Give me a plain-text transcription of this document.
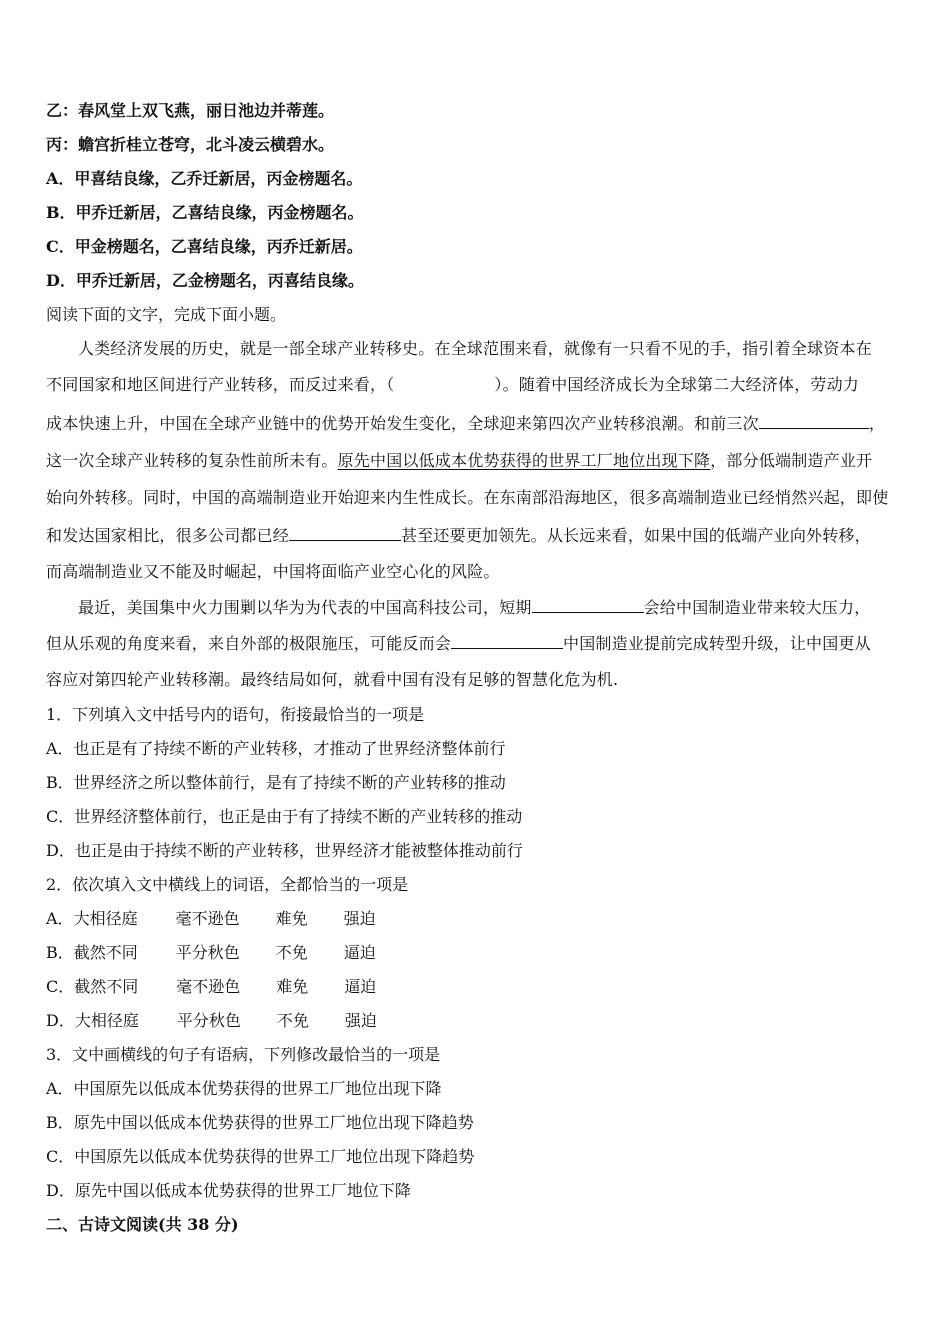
乙：春风堂上双飞燕，丽日池边并蒂莲。
丙：蟾宫折桂立苍穹，北斗凌云横碧水。
A．甲喜结良缘，乙乔迁新居，丙金榜题名。
B．甲乔迁新居，乙喜结良缘，丙金榜题名。
C．甲金榜题名，乙喜结良缘，丙乔迁新居。
D．甲乔迁新居，乙金榜题名，丙喜结良缘。
阅读下面的文字，完成下面小题。
人类经济发展的历史，就是一部全球产业转移史。在全球范围来看，就像有一只看不见的手，指引着全球资本在
不同国家和地区间进行产业转移，而反过来看，（	）。随着中国经济成长为全球第二大经济体，劳动力
成本快速上升，中国在全球产业链中的优势开始发生变化，全球迎来第四次产业转移浪潮。和前三次	，
这一次全球产业转移的复杂性前所未有。原先中国以低成本优势获得的世界工厂地位出现下降，部分低端制造产业开
始向外转移。同时，中国的高端制造业开始迎来内生性成长。在东南部沿海地区，很多高端制造业已经悄然兴起，即使
和发达国家相比，很多公司都已经	甚至还要更加领先。从长远来看，如果中国的低端产业向外转移，
而高端制造业又不能及时崛起，中国将面临产业空心化的风险。
最近，美国集中火力围剿以华为为代表的中国高科技公司，短期	会给中国制造业带来较大压力，
但从乐观的角度来看，来自外部的极限施压，可能反而会	中国制造业提前完成转型升级，让中国更从
容应对第四轮产业转移潮。最终结局如何，就看中国有没有足够的智慧化危为机.
1．下列填入文中括号内的语句，衔接最恰当的一项是
A．也正是有了持续不断的产业转移，才推动了世界经济整体前行
B．世界经济之所以整体前行，是有了持续不断的产业转移的推动
C．世界经济整体前行，也正是由于有了持续不断的产业转移的推动
D．也正是由于持续不断的产业转移，世界经济才能被整体推动前行
2．依次填入文中横线上的词语，全都恰当的一项是
A．大相径庭 毫不逊色 难免 强迫
B．截然不同 平分秋色 不免 逼迫
C．截然不同 毫不逊色 难免 逼迫
D．大相径庭 平分秋色 不免 强迫
3．文中画横线的句子有语病，下列修改最恰当的一项是
A．中国原先以低成本优势获得的世界工厂地位出现下降
B．原先中国以低成本优势获得的世界工厂地位出现下降趋势
C．中国原先以低成本优势获得的世界工厂地位出现下降趋势
D．原先中国以低成本优势获得的世界工厂地位下降
二、古诗文阅读(共 38 分)
